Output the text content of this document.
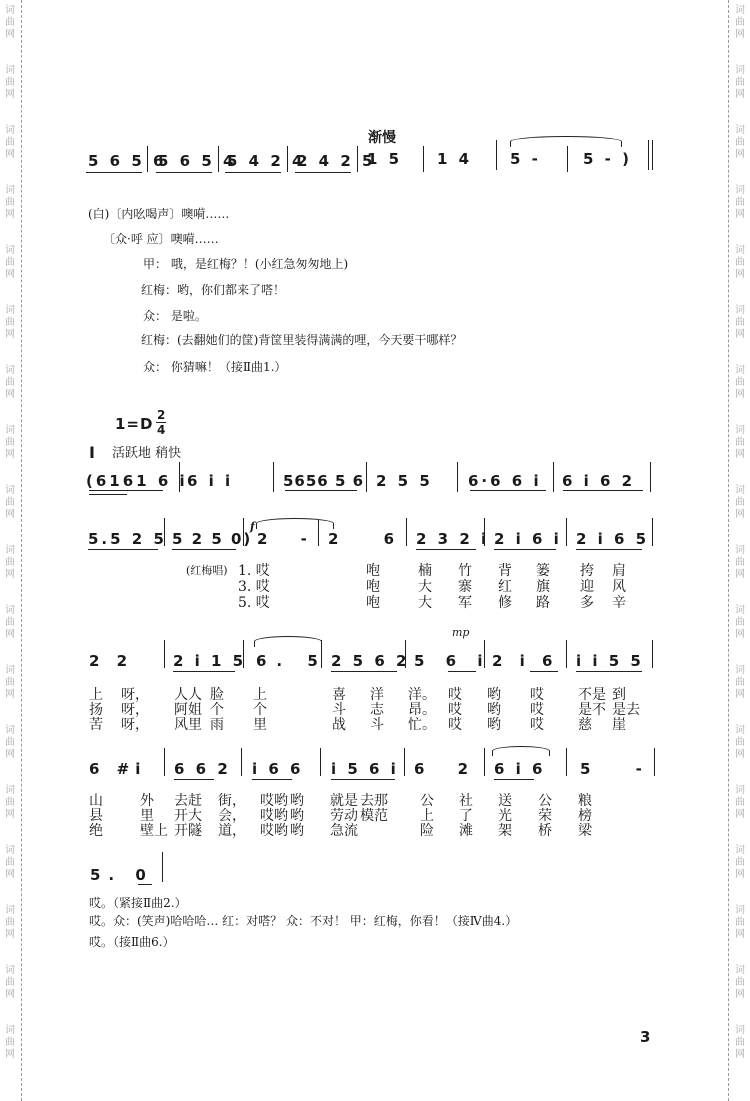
词
曲
网
词
曲
网
词
曲
网
词
曲
网
词
曲
网
词
曲
网
词
曲
网
词
曲
网
词
曲
网
词
曲
网
词
曲
网
词
曲
网
词
曲
网
词
曲
网
词
曲
网
词
曲
网
词
曲
网
词
曲
网
词
曲
网
词
曲
网
词
曲
网
词
曲
网
词
曲
网
词
曲
网
词
曲
网
词
曲
网
词
曲
网
词
曲
网
词
曲
网
词
曲
网
词
曲
网
词
曲
网
词
曲
网
词
曲
网
词
曲
网
词
曲
网
渐慢
5 6 5 6
5 6 5 4
5 4 2 4
2 4 2 5
1 5 1 4	5 -	5 - )
(白)〔内吆喝声〕噢嗬……
〔众·呼 应〕噢嗬……
甲： 哦，是红梅？！(小红急匆匆地上)
红梅：哟，你们都来了嗒！
众： 是啦。
红梅：(去翻她们的筐)背筐里装得满满的哩，今天要干哪样？
众： 你猜嘛！（接Ⅱ曲1.）
1=D 2
4
I 活跃地 稍快
(6161 6 i 6 i i	5656 5 6 2 5 5 6·6 6 i 6 i 6 2
5.5 2 5 5 2 5 0)
f
2 - 2 6 2 3 2 i 2 i 6 i 2 i 6 5
(红梅唱) 1. 哎	咆	楠 竹 背 篓 挎 肩
3. 哎	咆	大 寨 红 旗 迎 风
5. 哎	咆	大 军 修 路 多 辛
2 2	2 i 1 5 6. 5 2 5 6 2
mp
5 6 i 2 i 6 i i 5 5
上 呀， 人人 脸 上	喜 洋 洋。 哎 哟 哎 不是 到
扬 呀， 阿姐 个 个	斗 志 昂。 哎 哟 哎 是不 是去
苦 呀， 风里 雨 里	战 斗 忙。 哎 哟 哎 慈 崖
6 #i 6 6 2 i 6 6 i 5 6 i 6 2 6 i 6 5 -
山	外 去赶 街， 哎哟 哟 就是 去那 公 社 送 公 粮
县	里 开大 会， 哎哟 哟 劳动 模范 上 了 光 荣 榜
绝	壁上 开隧 道， 哎哟 哟 急流	险 滩 架 桥 梁
5. 0
哎。（紧接Ⅱ曲2.）
哎。众：(笑声)哈哈哈… 红：对嗒？ 众：不对！ 甲：红梅，你看！（接Ⅳ曲4.）
哎。（接Ⅱ曲6.）
3
